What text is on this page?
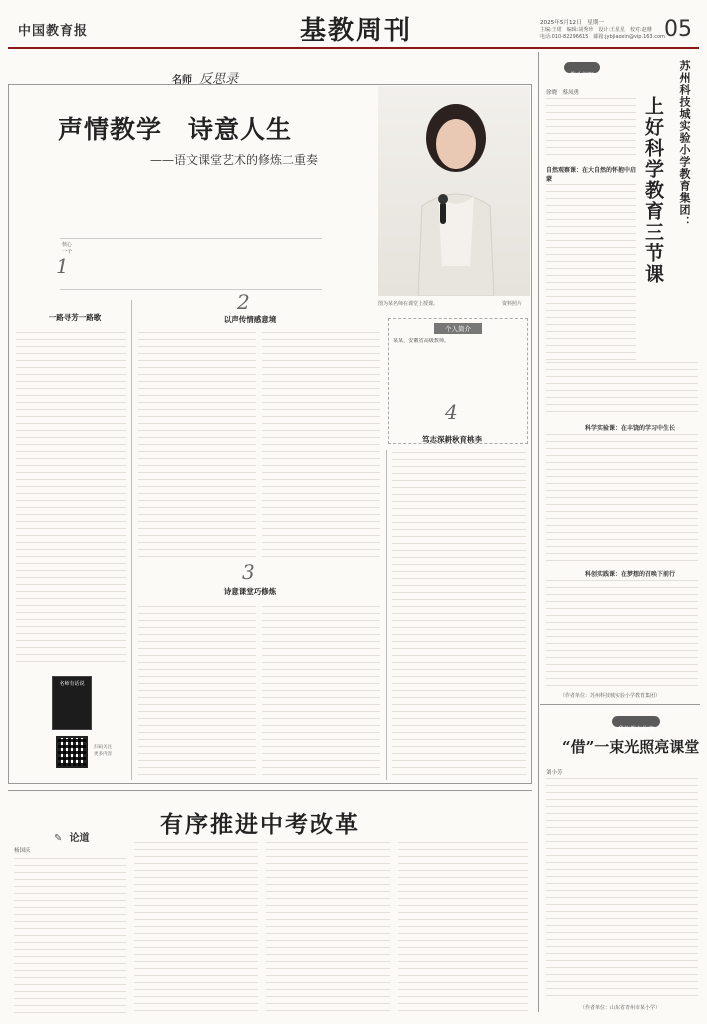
中国教育报	基教周刊	2025年5月12日　星期一
主编:王珺　编辑:胡秀珍　设计:王星星　校对:赵珊
电话:010-82296615　邮箱:jybjiaoxin@vip.163.com 05
名师 反思录
声情教学　诗意人生
——语文课堂艺术的修炼二重奏
核心
一个
图为某名师在课堂上授课。	资料照片
个人简介
某某，安徽省高级教师。
1
一路寻芳一路歌
2
以声传情感意境
3
诗意课堂巧修炼
4
笃志深耕秋育桃李
名师有话说
扫码关注
更多内容
教改视野	苏州科技城实验小学教育集团：
上好科学教育三节课
徐晓　蔡凤勇
自然观察课：在大自然的怀抱中启蒙
科学实验课：在丰饶的学习中生长
科创实践课：在梦想的召唤下前行
（作者单位：苏州科技城实验小学教育集团）
我的教育故事
“借”一束光照亮课堂
刘小芳
（作者单位：山东省青州市某小学）
有序推进中考改革
✎ 论道
杨国庆
